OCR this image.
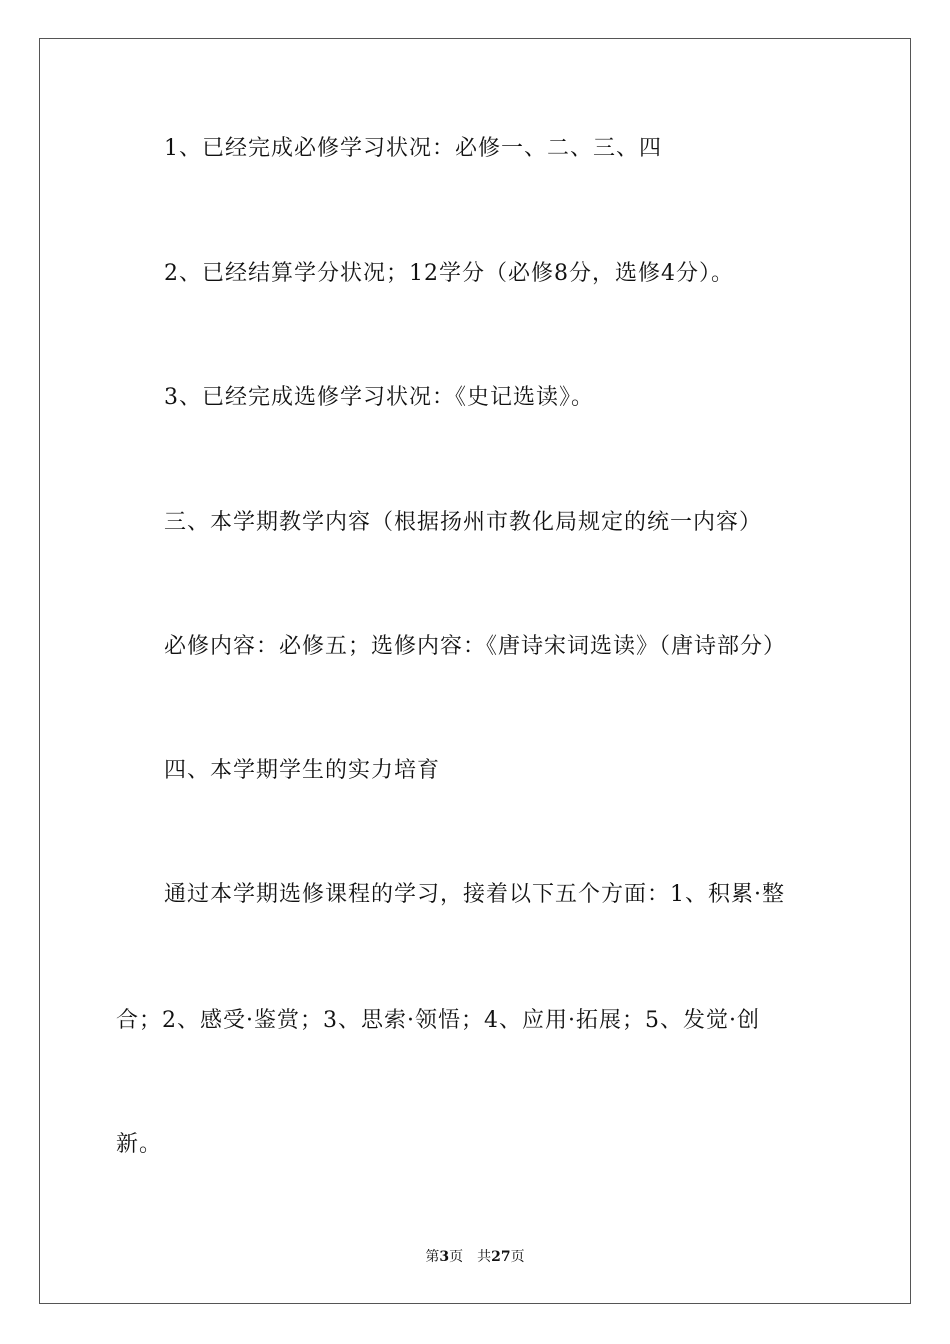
1、已经完成必修学习状况：必修一、二、三、四
2、已经结算学分状况；12学分（必修8分，选修4分）。
3、已经完成选修学习状况：《史记选读》。
三、本学期教学内容（根据扬州市教化局规定的统一内容）
必修内容：必修五；选修内容：《唐诗宋词选读》（唐诗部分）
四、本学期学生的实力培育
通过本学期选修课程的学习，接着以下五个方面：1、积累·整
合；2、感受·鉴赏；3、思索·领悟；4、应用·拓展；5、发觉·创
新。
第3页 共27页
